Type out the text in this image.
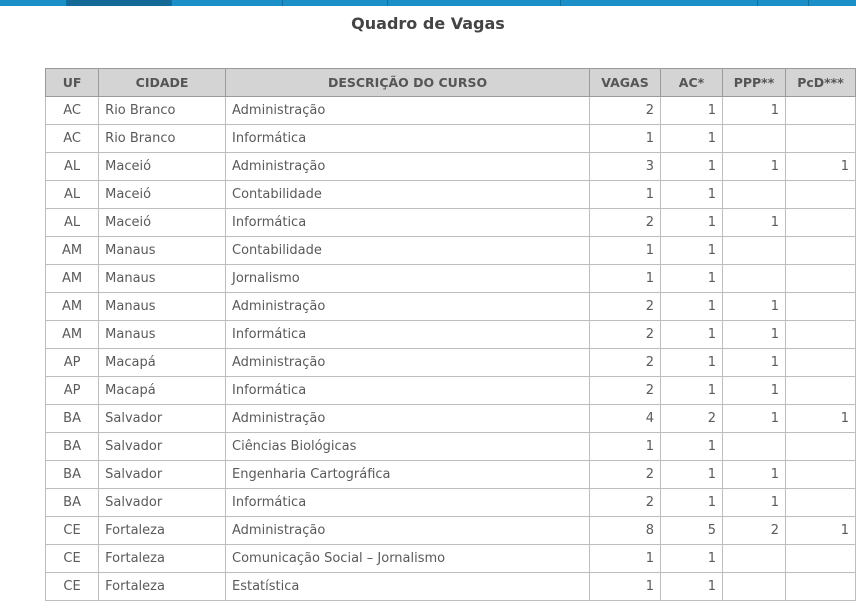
Quadro de Vagas
UF	CIDADE	DESCRIÇÃO DO CURSO	VAGAS	AC*	PPP**	PcD***
AC	Rio Branco	Administração	2	1	1	
AC	Rio Branco	Informática	1	1		
AL	Maceió	Administração	3	1	1	1
AL	Maceió	Contabilidade	1	1		
AL	Maceió	Informática	2	1	1	
AM	Manaus	Contabilidade	1	1		
AM	Manaus	Jornalismo	1	1		
AM	Manaus	Administração	2	1	1	
AM	Manaus	Informática	2	1	1	
AP	Macapá	Administração	2	1	1	
AP	Macapá	Informática	2	1	1	
BA	Salvador	Administração	4	2	1	1
BA	Salvador	Ciências Biológicas	1	1		
BA	Salvador	Engenharia Cartográfica	2	1	1	
BA	Salvador	Informática	2	1	1	
CE	Fortaleza	Administração	8	5	2	1
CE	Fortaleza	Comunicação Social – Jornalismo	1	1		
CE	Fortaleza	Estatística	1	1		
